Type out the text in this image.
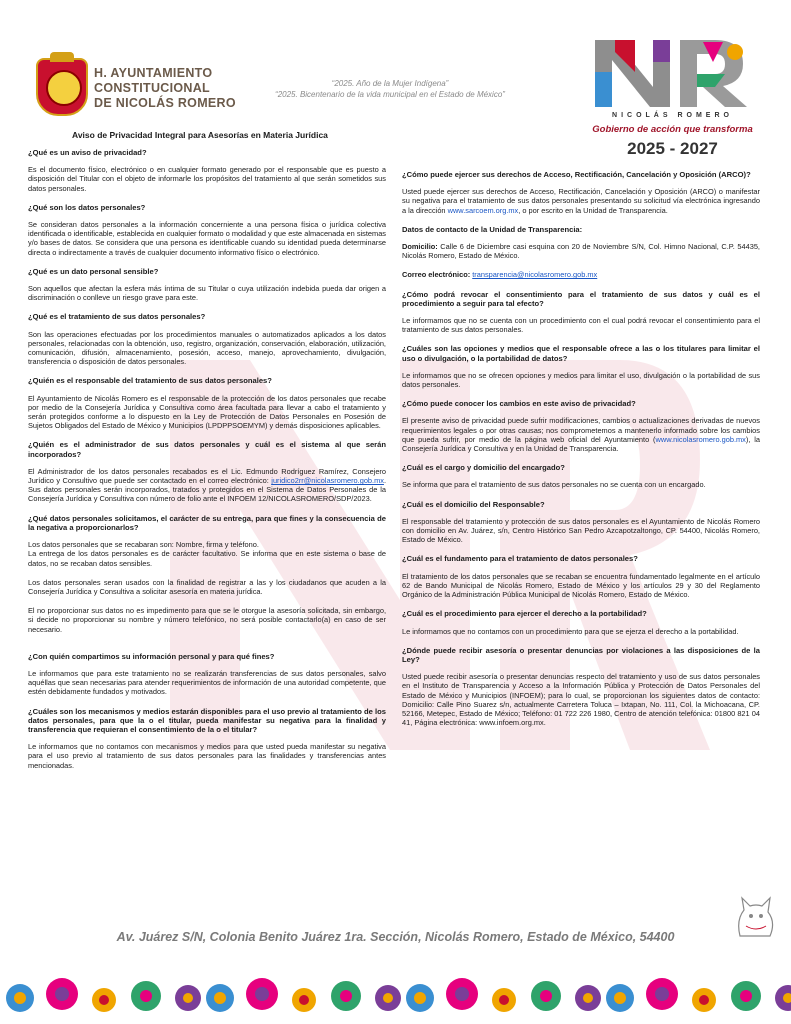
H. AYUNTAMIENTO
CONSTITUCIONAL
DE NICOLÁS ROMERO
“2025. Año de la Mujer Indígena”
“2025. Bicentenario de la vida municipal en el Estado de México”
NICOLÁS ROMERO
Gobierno de acción que transforma
2025 - 2027
Aviso de Privacidad Integral para Asesorías en Materia Jurídica
¿Qué es un aviso de privacidad?
Es el documento físico, electrónico o en cualquier formato generado por el responsable que es puesto a disposición del Titular con el objeto de informarle los propósitos del tratamiento al que serán sometidos sus datos personales.
¿Qué son los datos personales?
Se consideran datos personales a la información concerniente a una persona física o jurídica colectiva identificada o identificable, establecida en cualquier formato o modalidad y que este almacenada en sistemas y/o bases de datos. Se considera que una persona es identificable cuando su identidad pueda determinarse directa o indirectamente a través de cualquier documento informativo físico o electrónico.
¿Qué es un dato personal sensible?
Son aquellos que afectan la esfera más íntima de su Titular o cuya utilización indebida pueda dar origen a discriminación o conlleve un riesgo grave para este.
¿Qué es el tratamiento de sus datos personales?
Son las operaciones efectuadas por los procedimientos manuales o automatizados aplicados a los datos personales, relacionadas con la obtención, uso, registro, organización, conservación, elaboración, utilización, comunicación, difusión, almacenamiento, posesión, acceso, manejo, aprovechamiento, divulgación, transferencia o disposición de datos personales.
¿Quién es el responsable del tratamiento de sus datos personales?
El Ayuntamiento de Nicolás Romero es el responsable de la protección de los datos personales que recabe por medio de la Consejería Jurídica y Consultiva como área facultada para llevar a cabo el tratamiento y serán protegidos conforme a lo dispuesto en la Ley de Protección de Datos Personales en Posesión de Sujetos Obligados del Estado de México y Municipios (LPDPPSOEMYM) y demás disposiciones aplicables.
¿Quién es el administrador de sus datos personales y cuál es el sistema al que serán incorporados?
El Administrador de los datos personales recabados es el Lic. Edmundo Rodríguez Ramírez, Consejero Jurídico y Consultivo que puede ser contactado en el correo electrónico: juridico2rr@nicolasromero.gob.mx. Sus datos personales serán incorporados, tratados y protegidos en el Sistema de Datos Personales de la Consejería Jurídica y Consultiva con número de folio ante el INFOEM 12/NICOLASROMERO/SDP/2023.
¿Qué datos personales solicitamos, el carácter de su entrega, para que fines y la consecuencia de la negativa a proporcionarlos?
Los datos personales que se recabaran son: Nombre, firma y teléfono.
La entrega de los datos personales es de carácter facultativo. Se informa que en este sistema o base de datos, no se recaban datos sensibles.
Los datos personales seran usados con la finalidad de registrar a las y los ciudadanos que acuden a la Consejería Jurídica y Consultiva a solicitar asesoría en materia jurídica.
El no proporcionar sus datos no es impedimento para que se le otorgue la asesoría solicitada, sin embargo, si decide no proporcionar su nombre y número telefónico, no será posible contactarlo(a) en caso de ser necesario.
¿Con quién compartimos su información personal y para qué fines?
Le informamos que para este tratamiento no se realizarán transferencias de sus datos personales, salvo aquéllas que sean necesarias para atender requerimientos de información de una autoridad competente, que estén debidamente fundados y motivados.
¿Cuáles son los mecanismos y medios estarán disponibles para el uso previo al tratamiento de los datos personales, para que la o el titular, pueda manifestar su negativa para la finalidad y transferencia que requieran el consentimiento de la o el titular?
Le informamos que no contamos con mecanismos y medios para que usted pueda manifestar su negativa para el uso previo al tratamiento de sus datos personales para las finalidades y transferencias antes mencionadas.
¿Cómo puede ejercer sus derechos de Acceso, Rectificación, Cancelación y Oposición (ARCO)?
Usted puede ejercer sus derechos de Acceso, Rectificación, Cancelación y Oposición (ARCO) o manifestar su negativa para el tratamiento de sus datos personales presentando su solicitud vía electrónica ingresando a la dirección www.sarcoem.org.mx, o por escrito en la Unidad de Transparencia.
Datos de contacto de la Unidad de Transparencia:
Domicilio: Calle 6 de Diciembre casi esquina con 20 de Noviembre S/N, Col. Himno Nacional, C.P. 54435, Nicolás Romero, Estado de México.
Correo electrónico: transparencia@nicolasromero.gob.mx
¿Cómo podrá revocar el consentimiento para el tratamiento de sus datos y cuál es el procedimiento a seguir para tal efecto?
Le informamos que no se cuenta con un procedimiento con el cual podrá revocar el consentimiento para el tratamiento de sus datos personales.
¿Cuáles son las opciones y medios que el responsable ofrece a las o los titulares para limitar el uso o divulgación, o la portabilidad de datos?
Le informamos que no se ofrecen opciones y medios para limitar el uso, divulgación o la portabilidad de sus datos personales.
¿Cómo puede conocer los cambios en este aviso de privacidad?
El presente aviso de privacidad puede sufrir modificaciones, cambios o actualizaciones derivadas de nuevos requerimientos legales o por otras causas; nos comprometemos a mantenerlo informado sobre los cambios que pueda sufrir, por medio de la página web oficial del Ayuntamiento (www.nicolasromero.gob.mx), la Consejería Jurídica y Consultiva y en la Unidad de Transparencia.
¿Cuál es el cargo y domicilio del encargado?
Se informa que para el tratamiento de sus datos personales no se cuenta con un encargado.
¿Cuál es el domicilio del Responsable?
El responsable del tratamiento y protección de sus datos personales es el Ayuntamiento de Nicolás Romero con domicilio en Av. Juárez, s/n, Centro Histórico San Pedro Azcapotzaltongo, CP. 54400, Nicolás Romero, Estado de México.
¿Cuál es el fundamento para el tratamiento de datos personales?
El tratamiento de los datos personales que se recaban se encuentra fundamentado legalmente en el artículo 62 de Bando Municipal de Nicolás Romero, Estado de México y los artículos 29 y 30 del Reglamento Orgánico de la Administración Pública Municipal de Nicolás Romero, Estado de México.
¿Cuál es el procedimiento para ejercer el derecho a la portabilidad?
Le informamos que no contamos con un procedimiento para que se ejerza el derecho a la portabilidad.
¿Dónde puede recibir asesoría o presentar denuncias por violaciones a las disposiciones de la Ley?
Usted puede recibir asesoría o presentar denuncias respecto del tratamiento y uso de sus datos personales en el Instituto de Transparencia y Acceso a la Información Pública y Protección de Datos Personales del Estado de México y Municipios (INFOEM); para lo cual, se proporcionan los siguientes datos de contacto: Domicilio: Calle Pino Suarez s/n, actualmente Carretera Toluca – Ixtapan, No. 111, Col. la Michoacana, CP. 52166, Metepec, Estado de México; Teléfono: 01 722 226 1980, Centro de atención telefónica: 01800 821 04 41, Página electrónica: www.infoem.org.mx.
Av. Juárez S/N, Colonia Benito Juárez 1ra. Sección, Nicolás Romero, Estado de México, 54400
